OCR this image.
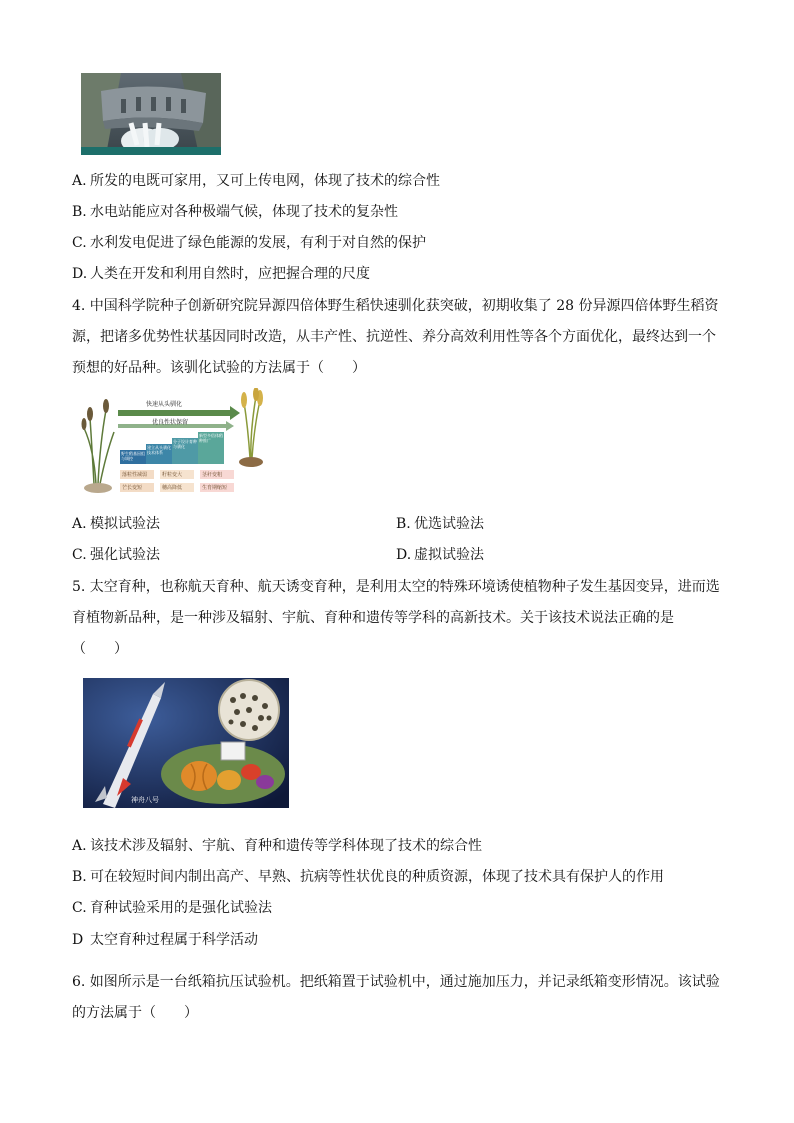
A. 所发的电既可家用，又可上传电网，体现了技术的综合性
B. 水电站能应对各种极端气候，体现了技术的复杂性
C. 水利发电促进了绿色能源的发展，有利于对自然的保护
D. 人类在开发和利用自然时，应把握合理的尺度
4. 中国科学院种子创新研究院异源四倍体野生稻快速驯化获突破，初期收集了 28 份异源四倍体野生稻资
源，把诸多优势性状基因同时改造，从丰产性、抗逆性、养分高效利用性等各个方面优化，最终达到一个
预想的好品种。该驯化试验的方法属于（　　）
快速从头驯化
优良性状保留
野生稻基因组与调控
建立从头驯化技术体系
分子设计育种与驯化
新型多倍体稻种推广
落粒性减弱	籽粒变大
芒长变短	穗高降低
茎秆变粗
生育期缩短
A. 模拟试验法	B. 优选试验法
C. 强化试验法	D. 虚拟试验法
5. 太空育种，也称航天育种、航天诱变育种，是利用太空的特殊环境诱使植物种子发生基因变异，进而选
育植物新品种，是一种涉及辐射、宇航、育种和遗传等学科的高新技术。关于该技术说法正确的是
（　　）
神舟八号
A. 该技术涉及辐射、宇航、育种和遗传等学科体现了技术的综合性
B. 可在较短时间内制出高产、早熟、抗病等性状优良的种质资源，体现了技术具有保护人的作用
C. 育种试验采用的是强化试验法
D 太空育种过程属于科学活动
6. 如图所示是一台纸箱抗压试验机。把纸箱置于试验机中，通过施加压力，并记录纸箱变形情况。该试验
的方法属于（　　）
